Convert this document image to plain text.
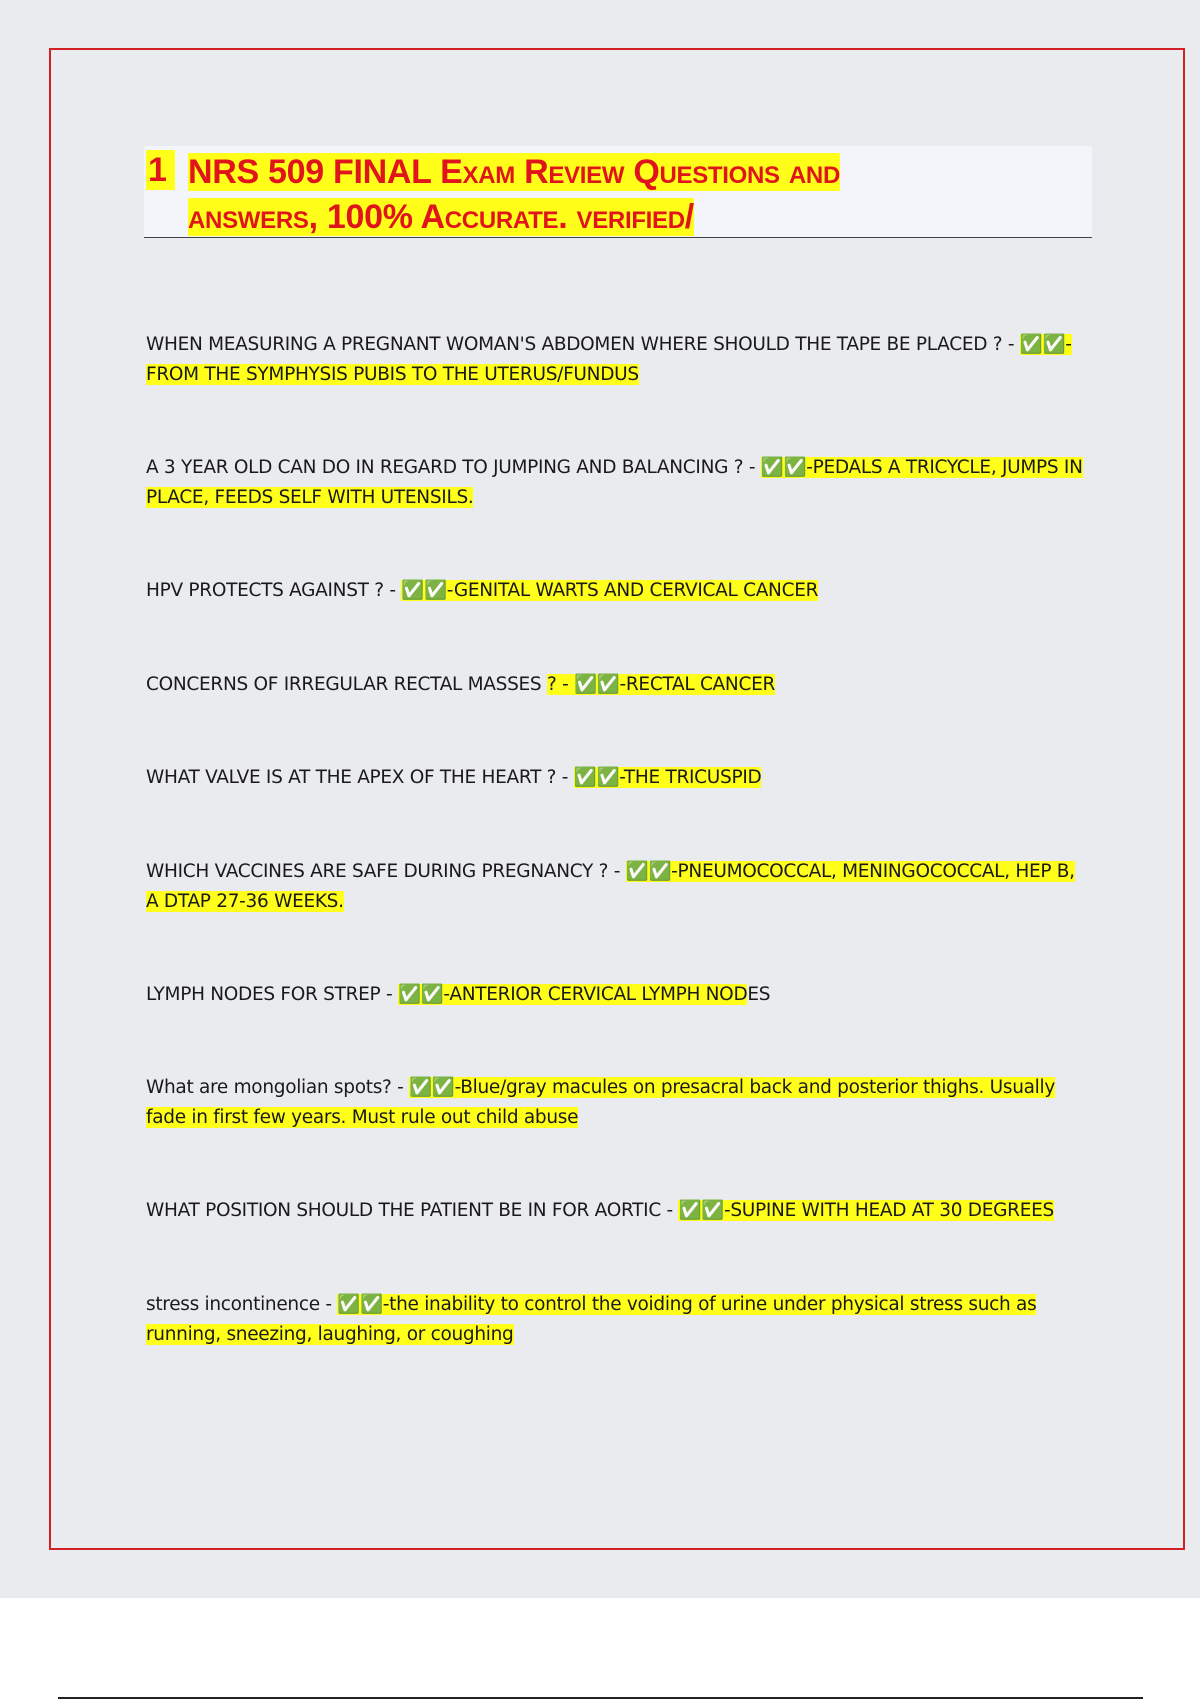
1 NRS 509 FINAL Exam Review Questions and
answers, 100% Accurate. verified/
WHEN MEASURING A PREGNANT WOMAN'S ABDOMEN WHERE SHOULD THE TAPE BE PLACED ? - ✅✅-FROM THE SYMPHYSIS PUBIS TO THE UTERUS/FUNDUS
A 3 YEAR OLD CAN DO IN REGARD TO JUMPING AND BALANCING ? - ✅✅-PEDALS A TRICYCLE, JUMPS IN PLACE, FEEDS SELF WITH UTENSILS.
HPV PROTECTS AGAINST ? - ✅✅-GENITAL WARTS AND CERVICAL CANCER
CONCERNS OF IRREGULAR RECTAL MASSES ? - ✅✅-RECTAL CANCER
WHAT VALVE IS AT THE APEX OF THE HEART ? - ✅✅-THE TRICUSPID
WHICH VACCINES ARE SAFE DURING PREGNANCY ? - ✅✅-PNEUMOCOCCAL, MENINGOCOCCAL, HEP B, A DTAP 27-36 WEEKS.
LYMPH NODES FOR STREP - ✅✅-ANTERIOR CERVICAL LYMPH NODES
What are mongolian spots? - ✅✅-Blue/gray macules on presacral back and posterior thighs. Usually fade in first few years. Must rule out child abuse
WHAT POSITION SHOULD THE PATIENT BE IN FOR AORTIC - ✅✅-SUPINE WITH HEAD AT 30 DEGREES
stress incontinence - ✅✅-the inability to control the voiding of urine under physical stress such as running, sneezing, laughing, or coughing
